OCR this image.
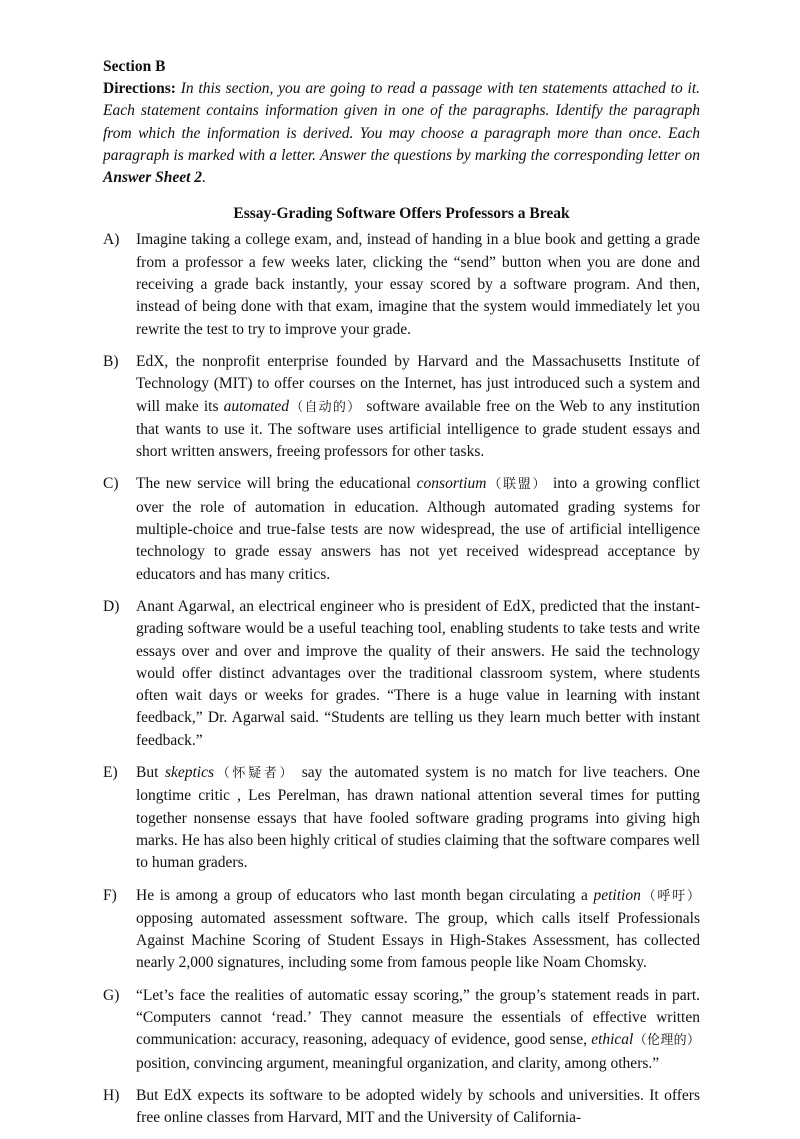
Section B

Directions: In this section, you are going to read a passage with ten statements attached to it. Each statement contains information given in one of the paragraphs. Identify the paragraph from which the information is derived. You may choose a paragraph more than once. Each paragraph is marked with a letter. Answer the questions by marking the corresponding letter on Answer Sheet 2.

Essay-Grading Software Offers Professors a Break

A) Imagine taking a college exam, and, instead of handing in a blue book and getting a grade from a professor a few weeks later, clicking the “send” button when you are done and receiving a grade back instantly, your essay scored by a software program. And then, instead of being done with that exam, imagine that the system would immediately let you rewrite the test to try to improve your grade.
B) EdX, the nonprofit enterprise founded by Harvard and the Massachusetts Institute of Technology (MIT) to offer courses on the Internet, has just introduced such a system and will make its automated（自动的） software available free on the Web to any institution that wants to use it. The software uses artificial intelligence to grade student essays and short written answers, freeing professors for other tasks.
C) The new service will bring the educational consortium（联盟） into a growing conflict over the role of automation in education. Although automated grading systems for multiple-choice and true-false tests are now widespread, the use of artificial intelligence technology to grade essay answers has not yet received widespread acceptance by educators and has many critics.
D) Anant Agarwal, an electrical engineer who is president of EdX, predicted that the instant-grading software would be a useful teaching tool, enabling students to take tests and write essays over and over and improve the quality of their answers. He said the technology would offer distinct advantages over the traditional classroom system, where students often wait days or weeks for grades. “There is a huge value in learning with instant feedback,” Dr. Agarwal said. “Students are telling us they learn much better with instant feedback.”
E) But skeptics（怀疑者） say the automated system is no match for live teachers. One longtime critic , Les Perelman, has drawn national attention several times for putting together nonsense essays that have fooled software grading programs into giving high marks. He has also been highly critical of studies claiming that the software compares well to human graders.
F) He is among a group of educators who last month began circulating a petition（呼吁） opposing automated assessment software. The group, which calls itself Professionals Against Machine Scoring of Student Essays in High-Stakes Assessment, has collected nearly 2,000 signatures, including some from famous people like Noam Chomsky.
G) “Let’s face the realities of automatic essay scoring,” the group’s statement reads in part. “Computers cannot ‘read.’ They cannot measure the essentials of effective written communication: accuracy, reasoning, adequacy of evidence, good sense, ethical（伦理的） position, convincing argument, meaningful organization, and clarity, among others.”
H) But EdX expects its software to be adopted widely by schools and universities. It offers free online classes from Harvard, MIT and the University of California-
